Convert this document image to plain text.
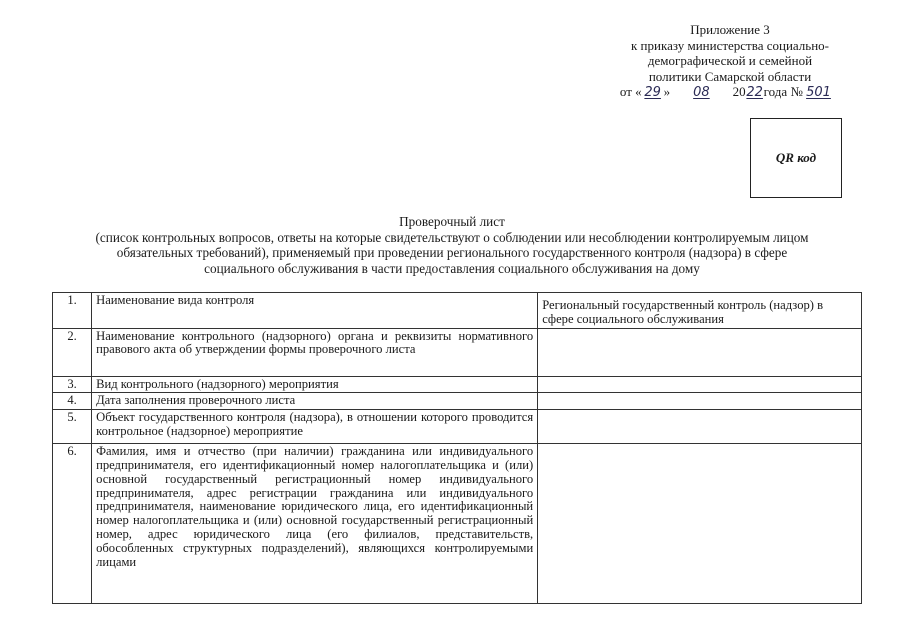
Приложение 3
к приказу министерства социально-
демографической и семейной
политики Самарской области
от « 29 » 08 2022года № 501
QR код
Проверочный лист
(список контрольных вопросов, ответы на которые свидетельствуют о соблюдении или несоблюдении контролируемым лицом
обязательных требований), применяемый при проведении регионального государственного контроля (надзора) в сфере
социального обслуживания в части предоставления социального обслуживания на дому
1.	Наименование вида контроля	Региональный государственный контроль (надзор) в сфере социального обслуживания
2.	Наименование контрольного (надзорного) органа и реквизиты нормативного правового акта об утверждении формы проверочного листа	
3.	Вид контрольного (надзорного) мероприятия	
4.	Дата заполнения проверочного листа	
5.	Объект государственного контроля (надзора), в отношении которого проводится контрольное (надзорное) мероприятие	
6.	Фамилия, имя и отчество (при наличии) гражданина или индивидуального предпринимателя, его идентификационный номер налогоплательщика и (или) основной государственный регистрационный номер индивидуального предпринимателя, адрес регистрации гражданина или индивидуального предпринимателя, наименование юридического лица, его идентификационный номер налогоплательщика и (или) основной государственный регистрационный номер, адрес юридического лица (его филиалов, представительств, обособленных структурных подразделений), являющихся контролируемыми лицами	
